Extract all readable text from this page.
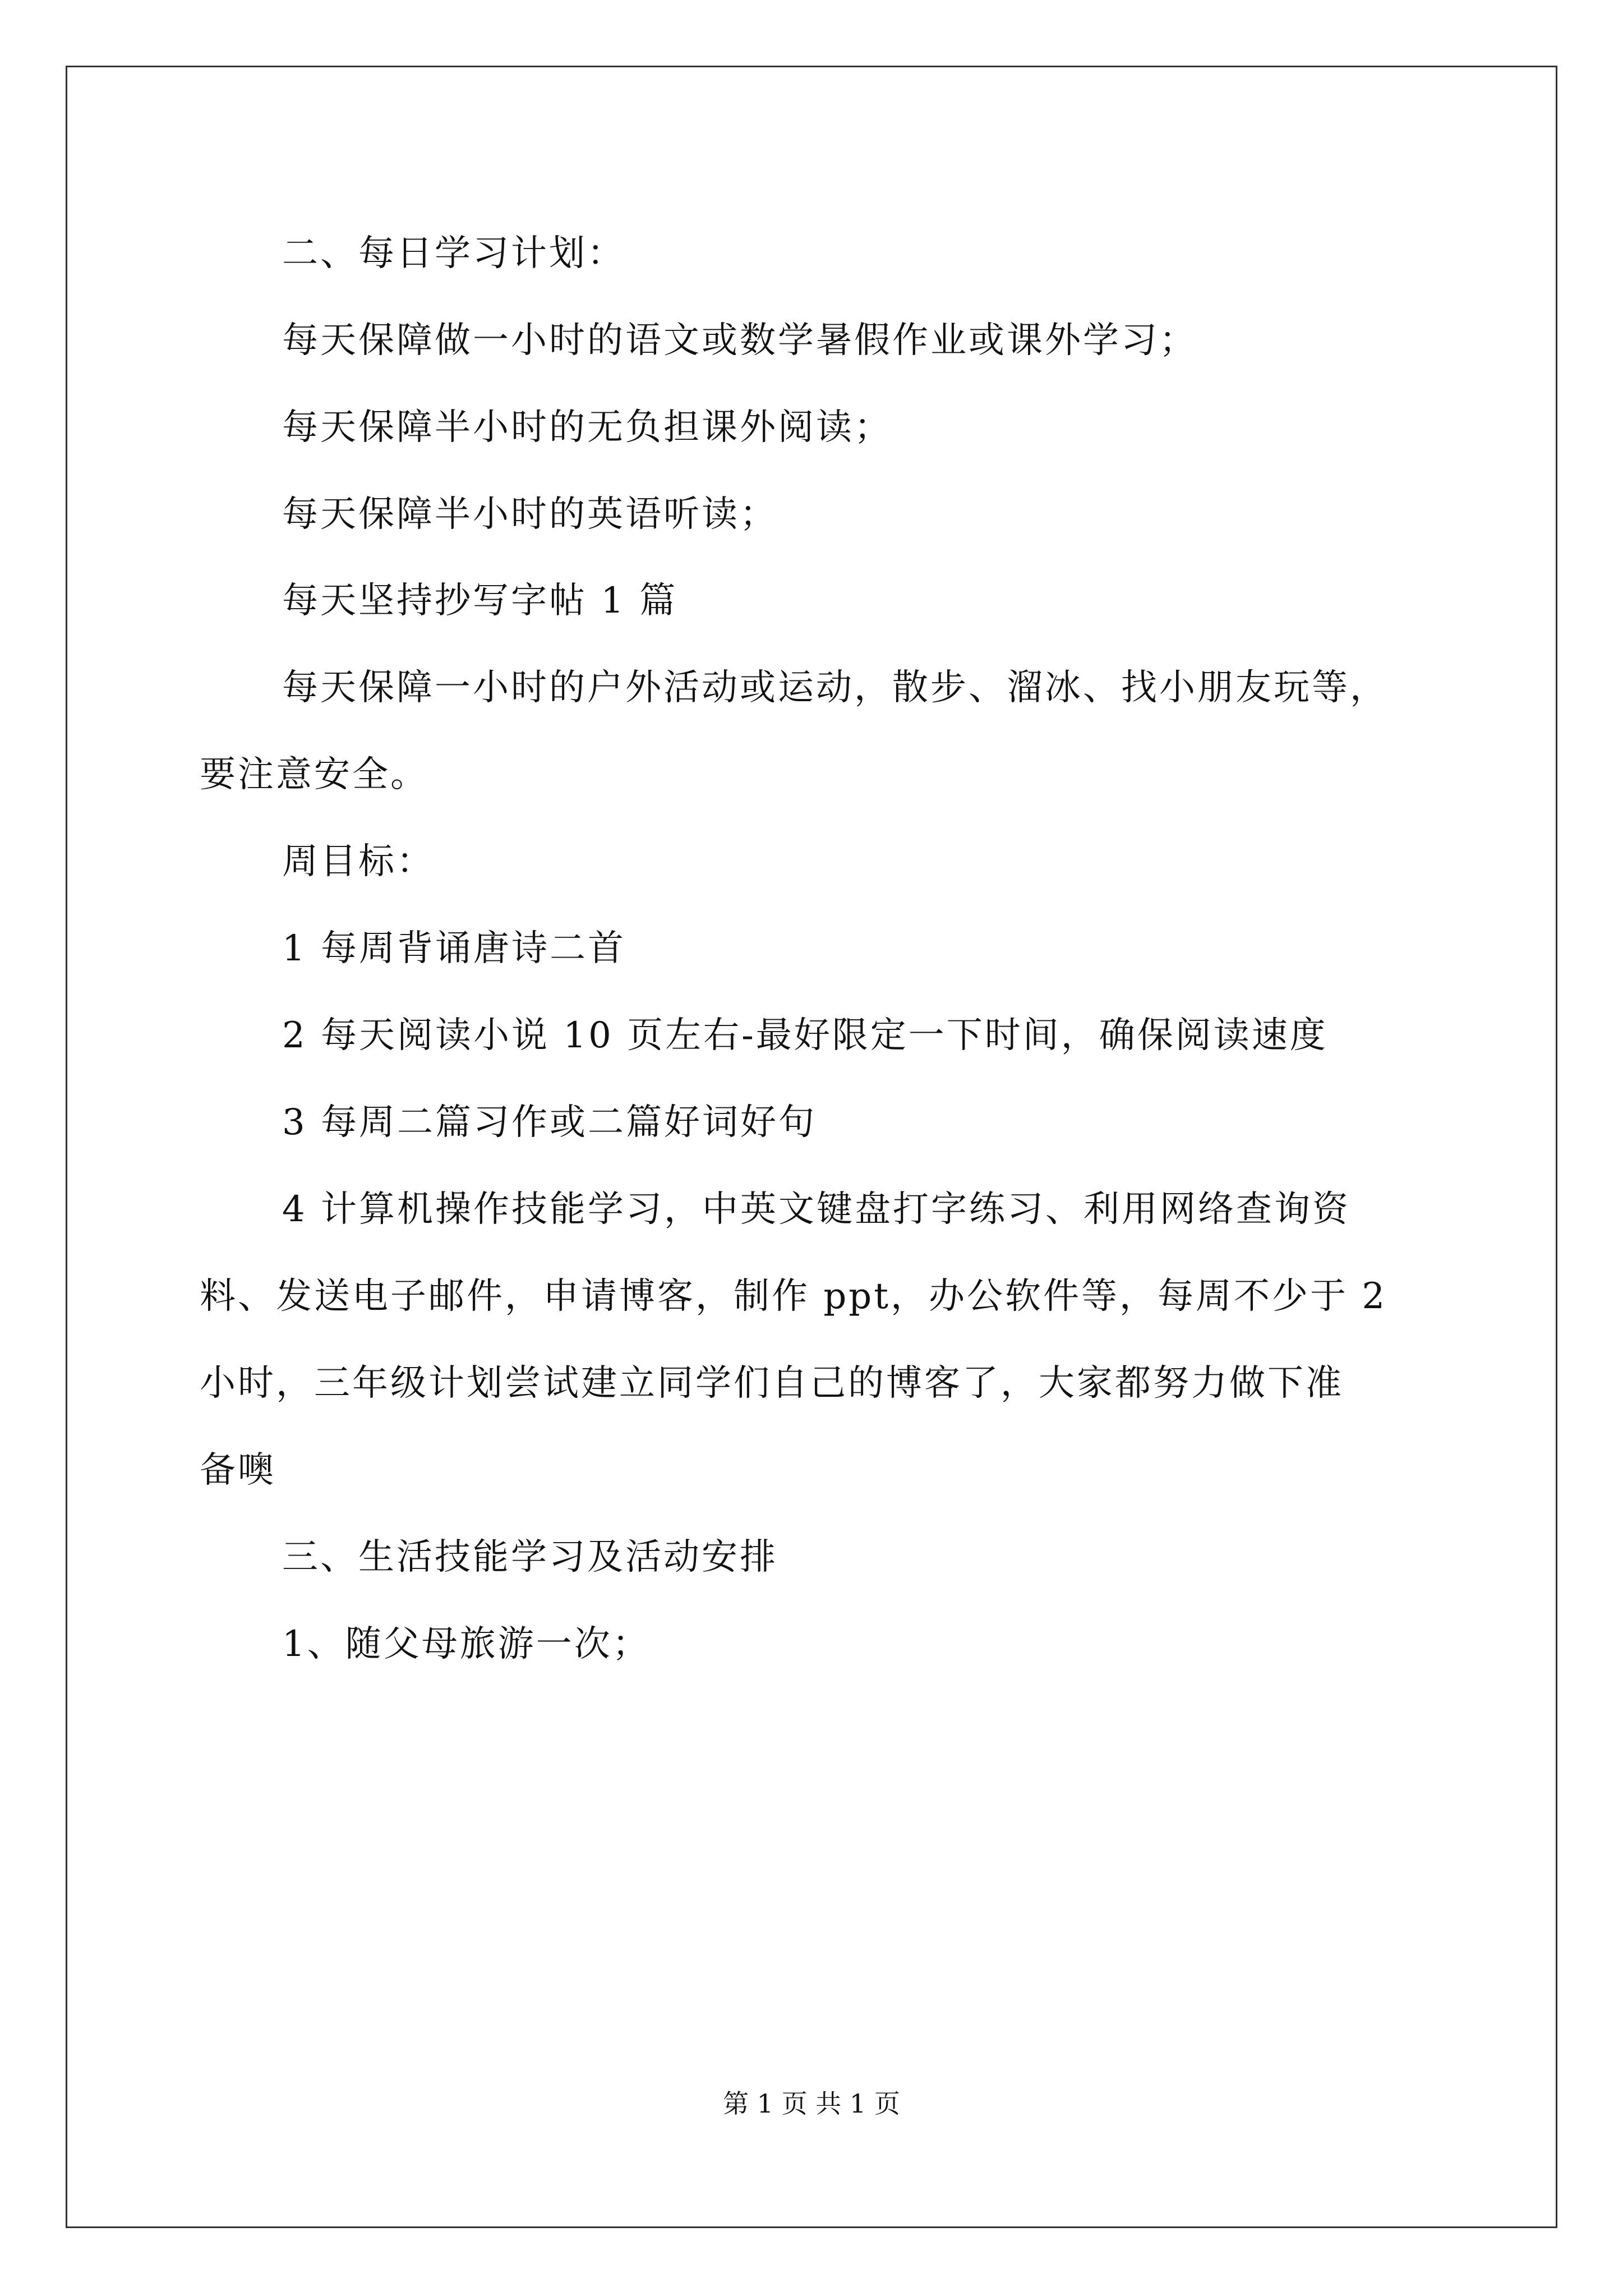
二、每日学习计划：
每天保障做一小时的语文或数学暑假作业或课外学习；
每天保障半小时的无负担课外阅读；
每天保障半小时的英语听读；
每天坚持抄写字帖 1 篇
每天保障一小时的户外活动或运动，散步、溜冰、找小朋友玩等，
要注意安全。
周目标：
1 每周背诵唐诗二首
2 每天阅读小说 10 页左右-最好限定一下时间，确保阅读速度
3 每周二篇习作或二篇好词好句
4 计算机操作技能学习，中英文键盘打字练习、利用网络查询资
料、发送电子邮件，申请博客，制作 ppt，办公软件等，每周不少于 2
小时，三年级计划尝试建立同学们自己的博客了，大家都努力做下准
备噢
三、生活技能学习及活动安排
1、随父母旅游一次；
第 1 页 共 1 页
